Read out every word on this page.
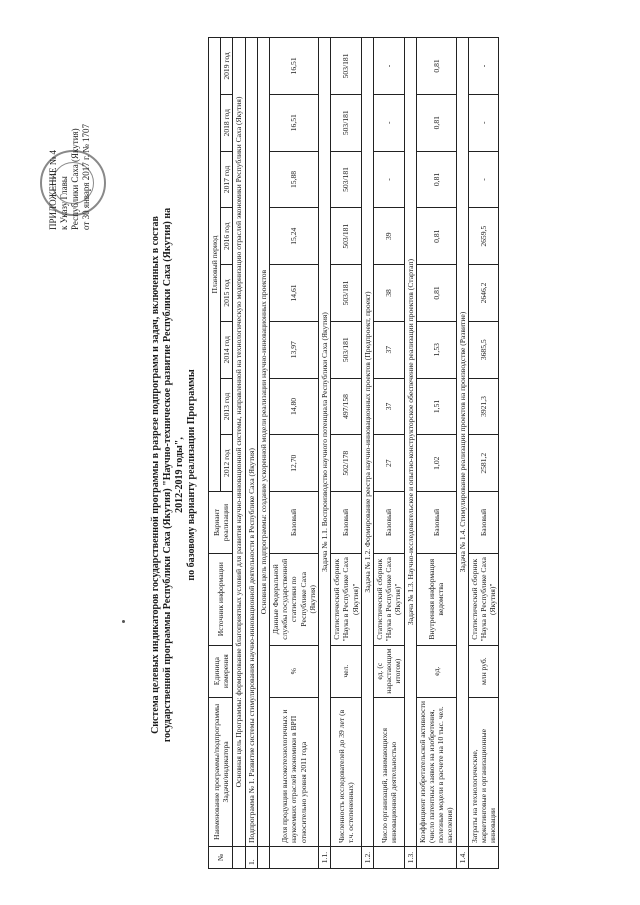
ПРИЛОЖЕНИЕ № 4 к Указу Главы Республики Саха (Якутия) от 30 января 2017 г. № 1707
Система целевых индикаторов государственной программы в разрезе подпрограмм и задач, включенных в состав государственной программы Республики Саха (Якутия) "Научно-техническое развитие Республики Саха (Якутия) на 2012-2019 годы", по базовому варианту реализации Программы
№	Наименование программы/подпрограммы Задачи/индикатора	Единица измерения	Источник информации	Вариант реализации	Плановый период							
					2012 год	2013 год	2014 год	2015 год	2016 год	2017 год	2018 год	2019 год
	Основная цель Программы: формирование благоприятных условий для развития научно-инновационной системы, направленной на технологическую модернизацию отраслей экономики Республики Саха (Якутия)											
1.	Подпрограмма № 1. Развитие системы стимулирования научно-инновационной деятельности в Республике Саха (Якутия)											
	Основная цель подпрограммы: создание ускоренной модели реализации научно-инновационных проектов											
	Доля продукции высокотехнологичных и наукоемких отраслей экономики в ВРП относительно уровня 2011 года	%	Данные Федеральной службы государственной статистики по Республике Саха (Якутия)	Базовый	12,70	14,80	13,97	14,61	15,24	15,88	16,51	16,51
1.1.	Задача № 1.1. Воспроизводство научного потенциала Республики Саха (Якутия)											
	Численность исследователей до 39 лет (в т.ч. остепененных)	чел.	Статистический сборник "Наука в Республике Саха (Якутия)"	Базовый	502/178	497/158	503/181	503/181	503/181	503/181	503/181	503/181
1.2.	Задача № 1.2. Формирование реестра научно-инновационных проектов (Предпроект, проект)											
	Число организаций, занимающихся инновационной деятельностью	ед. (с нарастающим итогом)	Статистический сборник "Наука в Республике Саха (Якутия)"	Базовый	27	37	37	38	39	-	-	-
1.3.	Задача № 1.3. Научно-исследовательское и опытно-конструкторское обеспечение реализации проектов (Стартап)											
	Коэффициент изобретательской активности (число патентных заявок на изобретения, полезные модели в расчете на 10 тыс. чел. населения)	ед.	Внутренняя информация ведомства	Базовый	1,02	1,51	1,53	0,81	0,81	0,81	0,81	0,81
1.4.	Задача № 1.4. Стимулирование реализации проектов на производстве (Развитие)											
	Затраты на технологические, маркетинговые и организационные инновации	млн руб.	Статистический сборник "Наука в Республике Саха (Якутия)"	Базовый	2581,2	3921,3	3685,5	2646,2	2659,5	-	-	-
